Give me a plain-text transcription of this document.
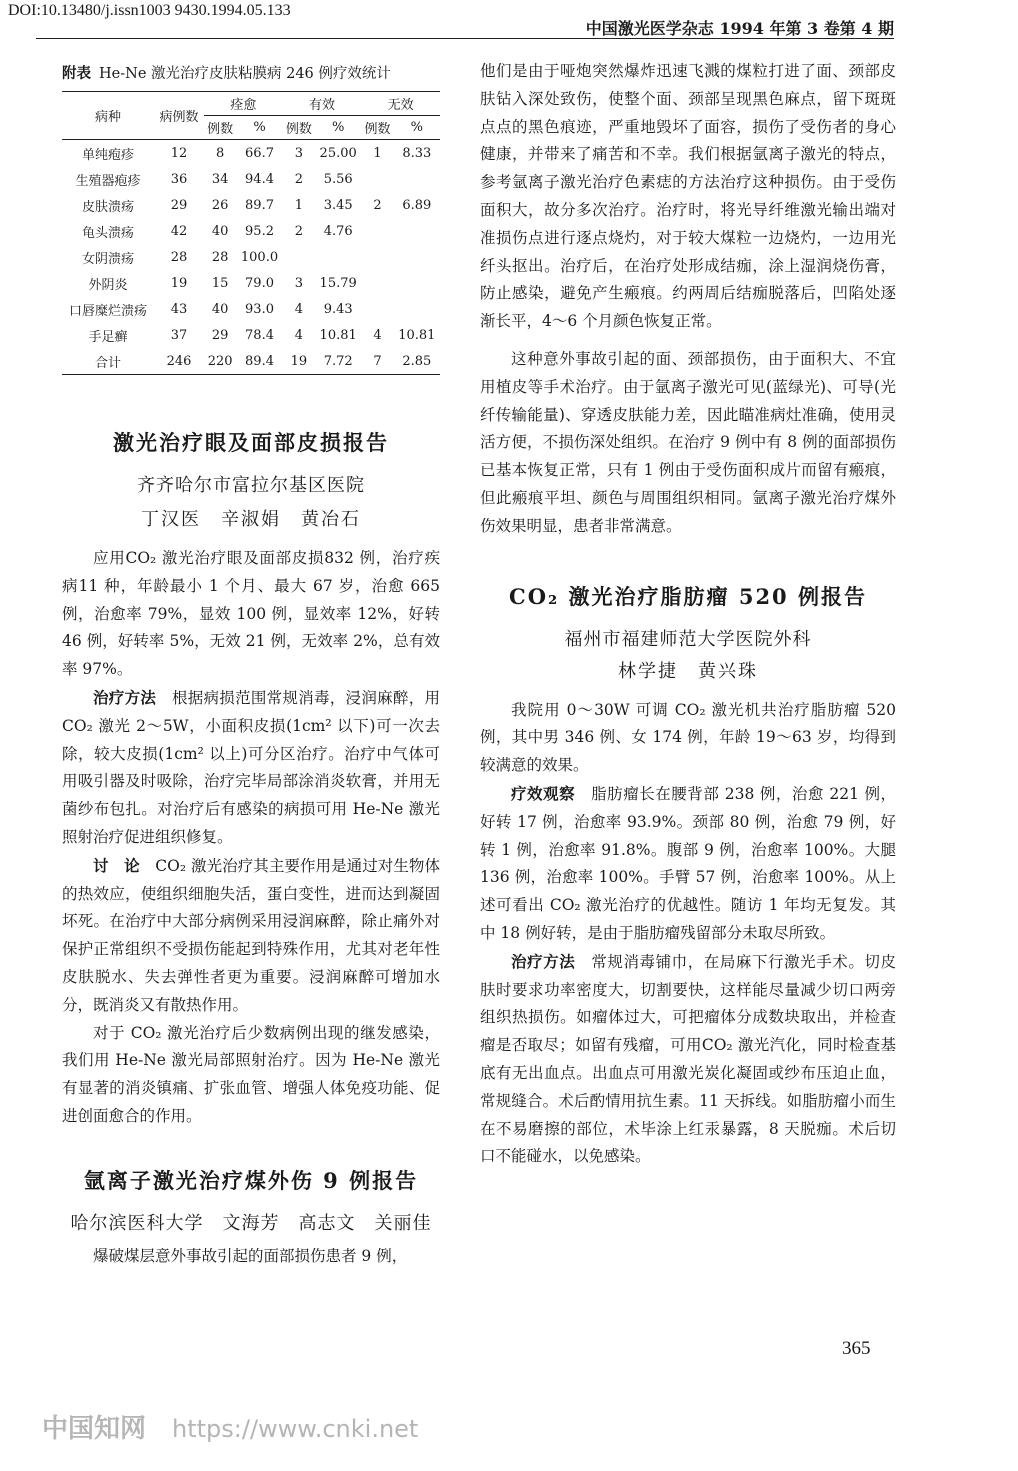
DOI:10.13480/j.issn1003 9430.1994.05.133
中国激光医学杂志 1994 年第 3 卷第 4 期
附表 He-Ne 激光治疗皮肤粘膜病 246 例疗效统计
病种	病例数	痊愈		有效		无效	
		例数	%	例数	%	例数	%
单纯疱疹	12	8	66.7	3	25.00	1	8.33
生殖器疱疹	36	34	94.4	2	5.56		
皮肤溃疡	29	26	89.7	1	3.45	2	6.89
龟头溃疡	42	40	95.2	2	4.76		
女阴溃疡	28	28	100.0				
外阴炎	19	15	79.0	3	15.79		
口唇糜烂溃疡	43	40	93.0	4	9.43		
手足癣	37	29	78.4	4	10.81	4	10.81
合计	246	220	89.4	19	7.72	7	2.85
激光治疗眼及面部皮损报告
齐齐哈尔市富拉尔基区医院
丁汉医　辛淑娟　黄冶石

应用CO₂ 激光治疗眼及面部皮损832 例，治疗疾病11 种，年龄最小 1 个月、最大 67 岁，治愈 665 例，治愈率 79%，显效 100 例，显效率 12%，好转 46 例，好转率 5%，无效 21 例，无效率 2%，总有效率 97%。

治疗方法　 根据病损范围常规消毒，浸润麻醉，用CO₂ 激光 2～5W，小面积皮损(1cm² 以下)可一次去除，较大皮损(1cm² 以上)可分区治疗。治疗中气体可用吸引器及时吸除，治疗完毕局部涂消炎软膏，并用无菌纱布包扎。对治疗后有感染的病损可用 He-Ne 激光照射治疗促进组织修复。

讨　论　 CO₂ 激光治疗其主要作用是通过对生物体的热效应，使组织细胞失活，蛋白变性，进而达到凝固坏死。在治疗中大部分病例采用浸润麻醉，除止痛外对保护正常组织不受损伤能起到特殊作用，尤其对老年性皮肤脱水、失去弹性者更为重要。浸润麻醉可增加水分，既消炎又有散热作用。

对于 CO₂ 激光治疗后少数病例出现的继发感染，我们用 He-Ne 激光局部照射治疗。因为 He-Ne 激光有显著的消炎镇痛、扩张血管、增强人体免疫功能、促进创面愈合的作用。

氩离子激光治疗煤外伤 9 例报告
哈尔滨医科大学　文海芳　高志文　关丽佳

爆破煤层意外事故引起的面部损伤患者 9 例，

他们是由于哑炮突然爆炸迅速飞溅的煤粒打进了面、颈部皮肤钻入深处致伤，使整个面、颈部呈现黑色麻点，留下斑斑点点的黑色痕迹，严重地毁坏了面容，损伤了受伤者的身心健康，并带来了痛苦和不幸。我们根据氩离子激光的特点，参考氩离子激光治疗色素痣的方法治疗这种损伤。由于受伤面积大，故分多次治疗。治疗时，将光导纤维激光输出端对准损伤点进行逐点烧灼，对于较大煤粒一边烧灼，一边用光纤头抠出。治疗后，在治疗处形成结痂，涂上湿润烧伤膏，防止感染，避免产生瘢痕。约两周后结痂脱落后，凹陷处逐渐长平，4～6 个月颜色恢复正常。

这种意外事故引起的面、颈部损伤，由于面积大、不宜用植皮等手术治疗。由于氩离子激光可见(蓝绿光)、可导(光纤传输能量)、穿透皮肤能力差，因此瞄准病灶准确，使用灵活方便，不损伤深处组织。在治疗 9 例中有 8 例的面部损伤已基本恢复正常，只有 1 例由于受伤面积成片而留有瘢痕，但此瘢痕平坦、颜色与周围组织相同。氩离子激光治疗煤外伤效果明显，患者非常满意。

CO₂ 激光治疗脂肪瘤 520 例报告
福州市福建师范大学医院外科
林学捷　黄兴珠

我院用 0～30W 可调 CO₂ 激光机共治疗脂肪瘤 520 例，其中男 346 例、女 174 例，年龄 19～63 岁，均得到较满意的效果。

疗效观察　 脂肪瘤长在腰背部 238 例，治愈 221 例，好转 17 例，治愈率 93.9%。颈部 80 例，治愈 79 例，好转 1 例，治愈率 91.8%。腹部 9 例，治愈率 100%。大腿 136 例，治愈率 100%。手臂 57 例，治愈率 100%。从上述可看出 CO₂ 激光治疗的优越性。随访 1 年均无复发。其中 18 例好转，是由于脂肪瘤残留部分未取尽所致。

治疗方法　 常规消毒铺巾，在局麻下行激光手术。切皮肤时要求功率密度大，切割要快，这样能尽量减少切口两旁组织热损伤。如瘤体过大，可把瘤体分成数块取出，并检查瘤是否取尽；如留有残瘤，可用CO₂ 激光汽化，同时检查基底有无出血点。出血点可用激光炭化凝固或纱布压迫止血，常规缝合。术后酌情用抗生素。11 天拆线。如脂肪瘤小而生在不易磨擦的部位，术毕涂上红汞暴露，8 天脱痂。术后切口不能碰水，以免感染。

365
中国知网 https://www.cnki.net
